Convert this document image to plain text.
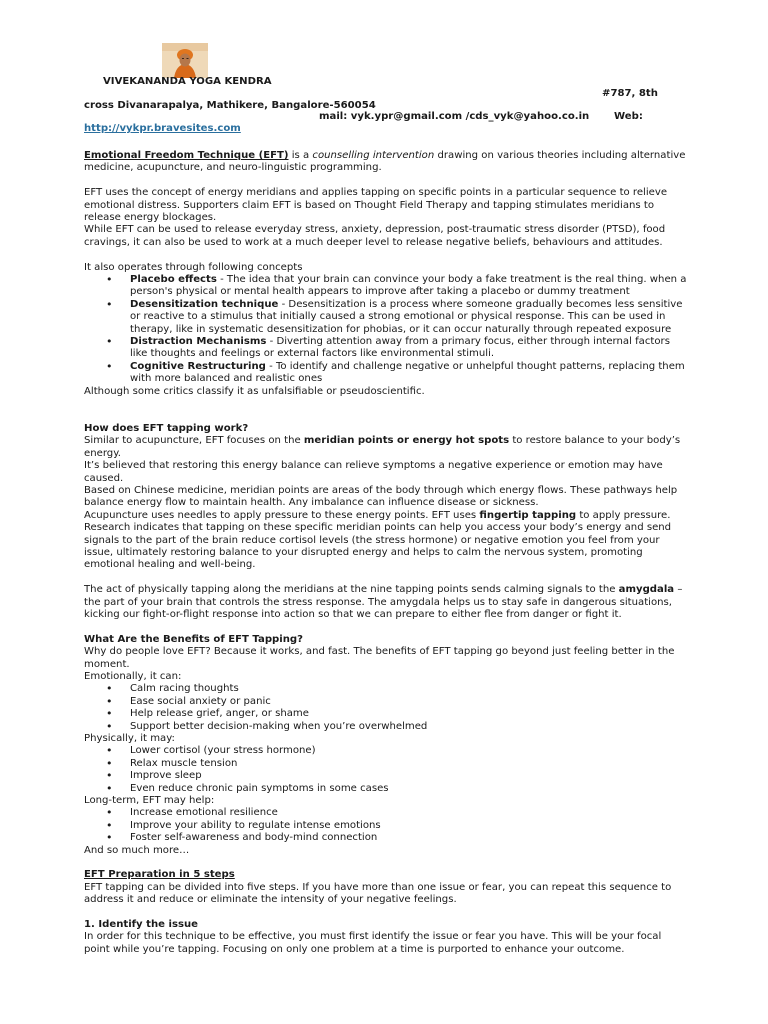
VIVEKANANDA YOGA KENDRA
#787, 8th
cross Divanarapalya, Mathikere, Bangalore-560054
mail: vyk.ypr@gmail.com /cds_vyk@yahoo.co.in Web:
http://vykpr.bravesites.com

Emotional Freedom Technique (EFT) is a counselling intervention drawing on various theories including alternative medicine, acupuncture, and neuro-linguistic programming.

EFT uses the concept of energy meridians and applies tapping on specific points in a particular sequence to relieve emotional distress. Supporters claim EFT is based on Thought Field Therapy and tapping stimulates meridians to release energy blockages.

While EFT can be used to release everyday stress, anxiety, depression, post-traumatic stress disorder (PTSD), food cravings, it can also be used to work at a much deeper level to release negative beliefs, behaviours and attitudes.

It also operates through following concepts

• Placebo effects - The idea that your brain can convince your body a fake treatment is the real thing. when a person's physical or mental health appears to improve after taking a placebo or dummy treatment
• Desensitization technique - Desensitization is a process where someone gradually becomes less sensitive or reactive to a stimulus that initially caused a strong emotional or physical response. This can be used in therapy, like in systematic desensitization for phobias, or it can occur naturally through repeated exposure
• Distraction Mechanisms - Diverting attention away from a primary focus, either through internal factors like thoughts and feelings or external factors like environmental stimuli.
• Cognitive Restructuring - To identify and challenge negative or unhelpful thought patterns, replacing them with more balanced and realistic ones

Although some critics classify it as unfalsifiable or pseudoscientific.

How does EFT tapping work?

Similar to acupuncture, EFT focuses on the meridian points or energy hot spots to restore balance to your body’s energy.

It’s believed that restoring this energy balance can relieve symptoms a negative experience or emotion may have caused.

Based on Chinese medicine, meridian points are areas of the body through which energy flows. These pathways help balance energy flow to maintain health. Any imbalance can influence disease or sickness.

Acupuncture uses needles to apply pressure to these energy points. EFT uses fingertip tapping to apply pressure.

Research indicates that tapping on these specific meridian points can help you access your body’s energy and send signals to the part of the brain reduce cortisol levels (the stress hormone) or negative emotion you feel from your issue, ultimately restoring balance to your disrupted energy and helps to calm the nervous system, promoting emotional healing and well-being.

The act of physically tapping along the meridians at the nine tapping points sends calming signals to the amygdala – the part of your brain that controls the stress response. The amygdala helps us to stay safe in dangerous situations, kicking our fight-or-flight response into action so that we can prepare to either flee from danger or fight it.

What Are the Benefits of EFT Tapping?

Why do people love EFT? Because it works, and fast. The benefits of EFT tapping go beyond just feeling better in the moment.

Emotionally, it can:

• Calm racing thoughts
• Ease social anxiety or panic
• Help release grief, anger, or shame
• Support better decision-making when you’re overwhelmed

Physically, it may:

• Lower cortisol (your stress hormone)
• Relax muscle tension
• Improve sleep
• Even reduce chronic pain symptoms in some cases

Long-term, EFT may help:

• Increase emotional resilience
• Improve your ability to regulate intense emotions
• Foster self-awareness and body-mind connection

And so much more…

EFT Preparation in 5 steps

EFT tapping can be divided into five steps. If you have more than one issue or fear, you can repeat this sequence to address it and reduce or eliminate the intensity of your negative feelings.

1. Identify the issue

In order for this technique to be effective, you must first identify the issue or fear you have. This will be your focal point while you’re tapping. Focusing on only one problem at a time is purported to enhance your outcome.
